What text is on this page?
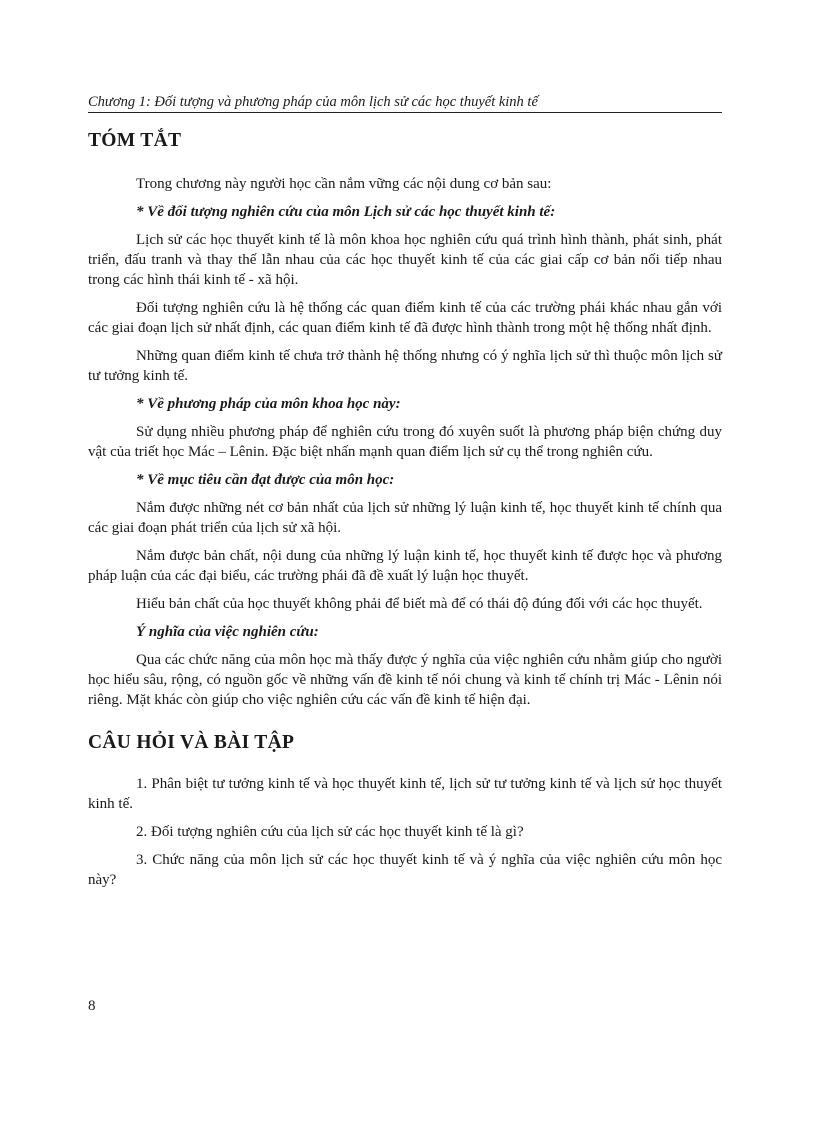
Chương 1: Đối tượng và phương pháp của môn lịch sử các học thuyết kinh tế
TÓM TẮT

Trong chương này người học cần nắm vững các nội dung cơ bản sau:

* Về đối tượng nghiên cứu của môn Lịch sử các học thuyết kinh tế:

Lịch sử các học thuyết kinh tế là môn khoa học nghiên cứu quá trình hình thành, phát sinh, phát triển, đấu tranh và thay thế lẫn nhau của các học thuyết kinh tế của các giai cấp cơ bản nối tiếp nhau trong các hình thái kinh tế - xã hội.

Đối tượng nghiên cứu là hệ thống các quan điểm kinh tế của các trường phái khác nhau gắn với các giai đoạn lịch sử nhất định, các quan điểm kinh tế đã được hình thành trong một hệ thống nhất định.

Những quan điểm kinh tế chưa trở thành hệ thống nhưng có ý nghĩa lịch sử thì thuộc môn lịch sử tư tưởng kinh tế.

* Về phương pháp của môn khoa học này:

Sử dụng nhiều phương pháp để nghiên cứu trong đó xuyên suốt là phương pháp biện chứng duy vật của triết học Mác – Lênin. Đặc biệt nhấn mạnh quan điểm lịch sử cụ thể trong nghiên cứu.

* Về mục tiêu cần đạt được của môn học:

Nắm được những nét cơ bản nhất của lịch sử những lý luận kinh tế, học thuyết kinh tế chính qua các giai đoạn phát triển của lịch sử xã hội.

Nắm được bản chất, nội dung của những lý luận kinh tế, học thuyết kinh tế được học và phương pháp luận của các đại biểu, các trường phái đã đề xuất lý luận học thuyết.

Hiểu bản chất của học thuyết không phải để biết mà để có thái độ đúng đối với các học thuyết.

Ý nghĩa của việc nghiên cứu:

Qua các chức năng của môn học mà thấy được ý nghĩa của việc nghiên cứu nhằm giúp cho người học hiểu sâu, rộng, có nguồn gốc về những vấn đề kinh tế nói chung và kinh tế chính trị Mác - Lênin nói riêng. Mặt khác còn giúp cho việc nghiên cứu các vấn đề kinh tế hiện đại.

CÂU HỎI VÀ BÀI TẬP

1. Phân biệt tư tưởng kinh tế và học thuyết kinh tế, lịch sử tư tưởng kinh tế và lịch sử học thuyết kinh tế.

2. Đối tượng nghiên cứu của lịch sử các học thuyết kinh tế là gì?

3. Chức năng của môn lịch sử các học thuyết kinh tế và ý nghĩa của việc nghiên cứu môn học này?

8
